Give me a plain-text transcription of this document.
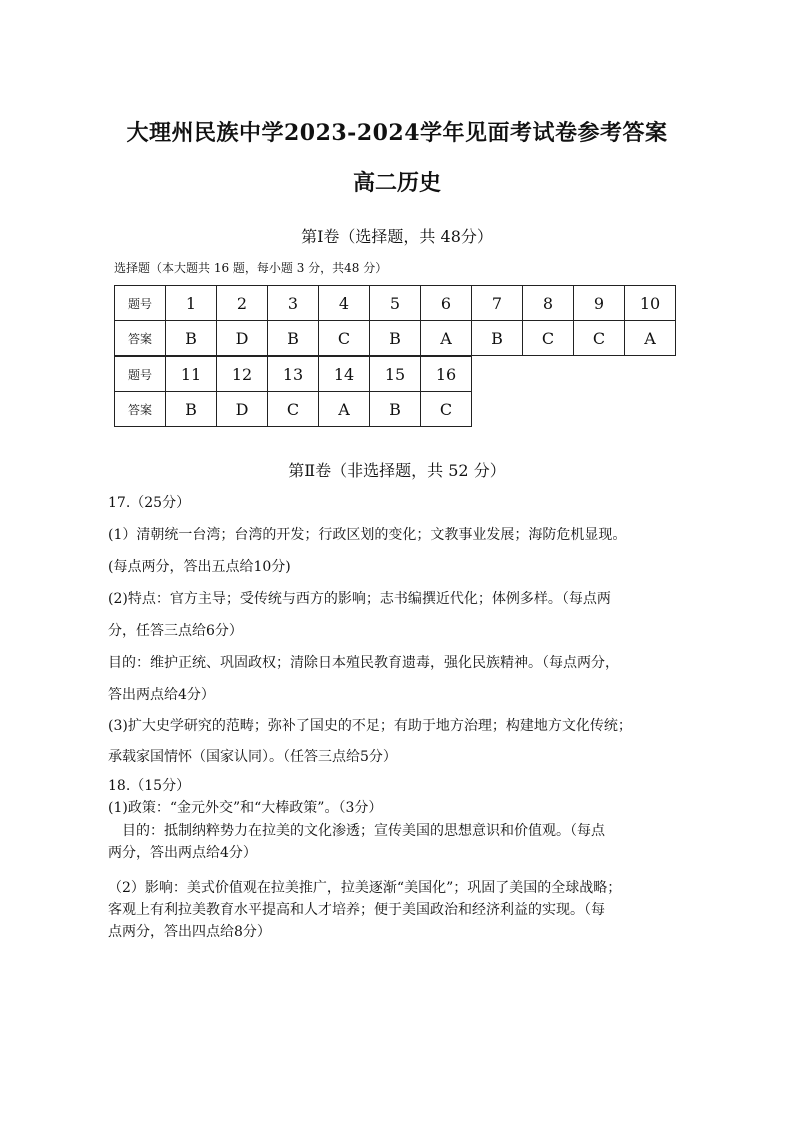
大理州民族中学2023-2024学年见面考试卷参考答案
高二历史
第Ⅰ卷（选择题，共 48分）
选择题（本大题共 16 题，每小题 3 分，共48 分）
题号	1	2	3	4	5	6	7	8	9	10
答案	B	D	B	C	B	A	B	C	C	A
题号	11	12	13	14	15	16
答案	B	D	C	A	B	C
第Ⅱ卷（非选择题，共 52 分）
17.（25分）
(1）清朝统一台湾；台湾的开发；行政区划的变化；文教事业发展；海防危机显现。
(每点两分，答出五点给10分)
(2)特点：官方主导；受传统与西方的影响；志书编撰近代化；体例多样。（每点两
分，任答三点给6分）
目的：维护正统、巩固政权；清除日本殖民教育遗毒，强化民族精神。（每点两分，
答出两点给4分）
(3)扩大史学研究的范畴；弥补了国史的不足；有助于地方治理；构建地方文化传统；
承载家国情怀（国家认同）。（任答三点给5分）
18.（15分）
(1)政策：“金元外交”和“大棒政策”。（3分）
目的：抵制纳粹势力在拉美的文化渗透；宣传美国的思想意识和价值观。（每点
两分，答出两点给4分）
（2）影响：美式价值观在拉美推广，拉美逐渐“美国化”；巩固了美国的全球战略；
客观上有利拉美教育水平提高和人才培养；便于美国政治和经济利益的实现。（每
点两分，答出四点给8分）
